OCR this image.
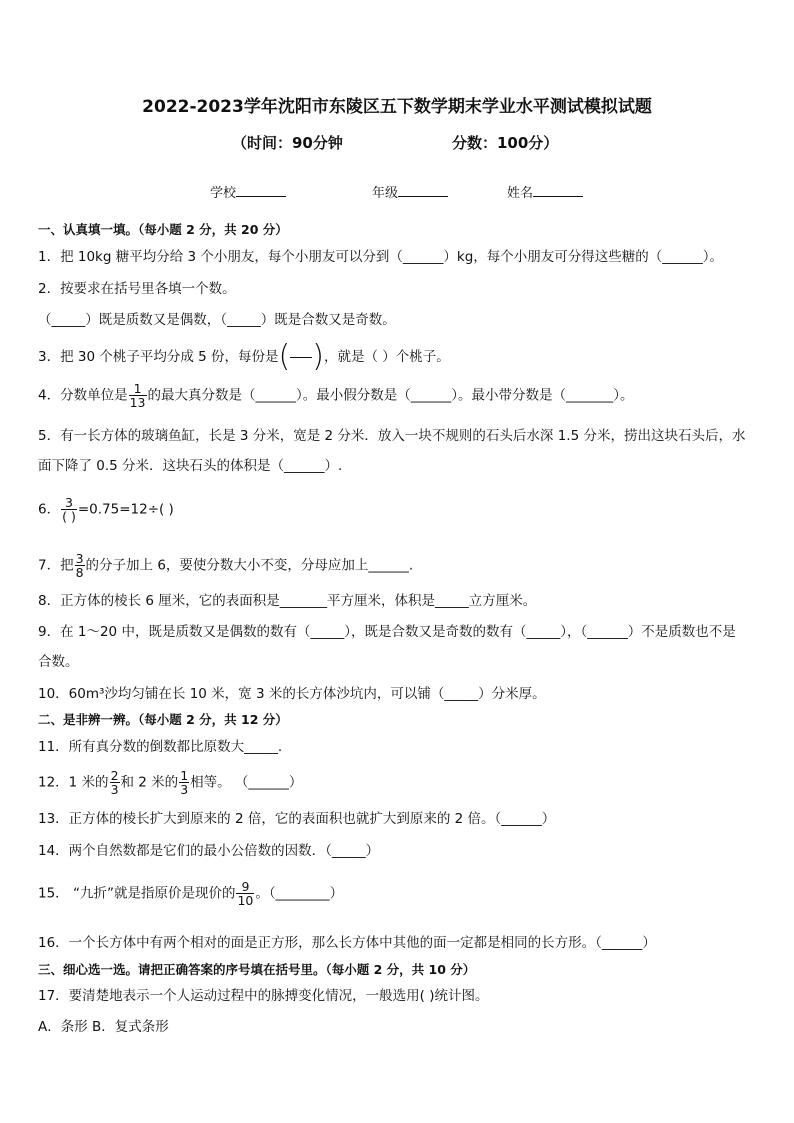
2022-2023学年沈阳市东陵区五下数学期末学业水平测试模拟试题
（时间：90分钟	分数：100分）
学校	年级	姓名
一、认真填一填。（每小题 2 分，共 20 分）
1．把 10kg 糖平均分给 3 个小朋友，每个小朋友可以分到（______）kg，每个小朋友可分得这些糖的（______）。
2．按要求在括号里各填一个数。
（_____）既是质数又是偶数，（_____）既是合数又是奇数。
3．把 30 个桃子平均分成 5 份，每份是( )，就是（ ）个桃子。
4．分数单位是 $\frac{1}{13}$ 的最大真分数是（______）。最小假分数是（______）。最小带分数是（_______）。
5．有一长方体的玻璃鱼缸，长是 3 分米，宽是 2 分米．放入一块不规则的石头后水深 1.5 分米，捞出这块石头后，水
面下降了 0.5 分米．这块石头的体积是（______）.
6． $\frac{3}{( )} =0.75=12\div$( )
7．把 $\frac{3}{8}$ 的分子加上 6，要使分数大小不变，分母应加上______.
8．正方体的棱长 6 厘米，它的表面积是_______平方厘米，体积是_____立方厘米。
9．在 1～20 中，既是质数又是偶数的数有（_____），既是合数又是奇数的数有（_____），（______）不是质数也不是
合数。
10．60m³沙均匀铺在长 10 米，宽 3 米的长方体沙坑内，可以铺（_____）分米厚。
二、是非辨一辨。（每小题 2 分，共 12 分）
11．所有真分数的倒数都比原数大_____.
12．1 米的 $\frac{2}{3}$ 和 2 米的 $\frac{1}{3}$ 相等。 （______）
13．正方体的棱长扩大到原来的 2 倍，它的表面积也就扩大到原来的 2 倍。（______）
14．两个自然数都是它们的最小公倍数的因数．（_____）
15． “九折”就是指原价是现价的 $\frac{9}{10}$ 。（________）
16．一个长方体中有两个相对的面是正方形，那么长方体中其他的面一定都是相同的长方形。（______）
三、细心选一选。请把正确答案的序号填在括号里。（每小题 2 分，共 10 分）
17．要清楚地表示一个人运动过程中的脉搏变化情况，一般选用( )统计图。
A．条形 B．复式条形
